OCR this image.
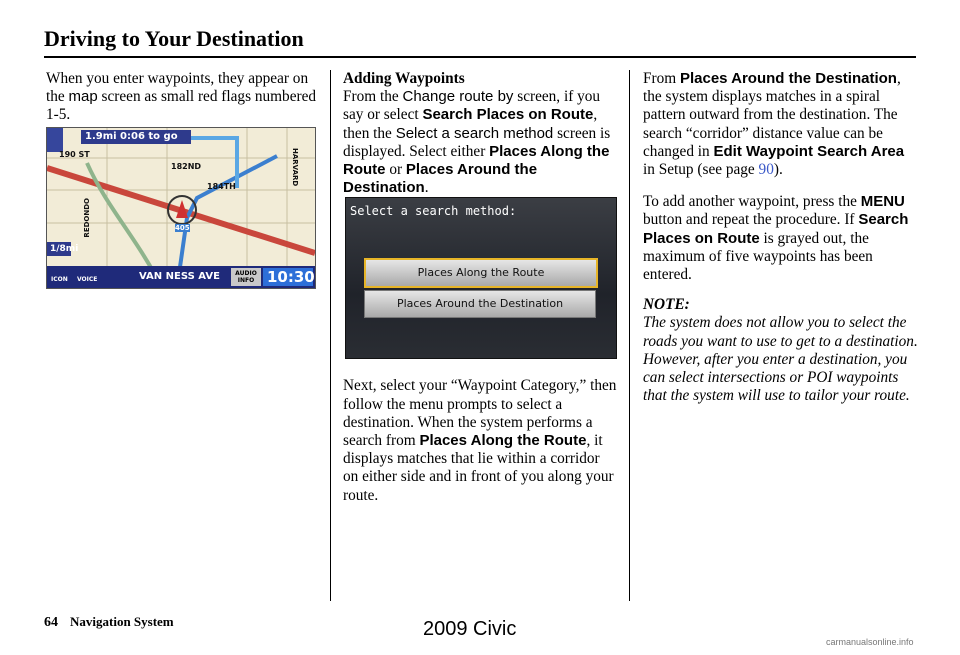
Driving to Your Destination

When you enter waypoints, they appear on the map screen as small red flags numbered 1-5.

1.9mi 0:06 to go
190 ST
182ND
184TH
HARVARD
REDONDO	405
1/8mi
ICON VOICE	VAN NESS AVE	AUDIO INFO 10:30

Adding Waypoints

From the Change route by screen, if you say or select Search Places on Route, then the Select a search method screen is displayed. Select either Places Along the Route or Places Around the Destination.

Next, select your “Waypoint Category,” then follow the menu prompts to select a destination. When the system performs a search from Places Along the Route, it displays matches that lie within a corridor on either side and in front of you along your route.

Select a search method:
Places Along the Route
Places Around the Destination

From Places Around the Destination, the system displays matches in a spiral pattern outward from the destination. The search “corridor” distance value can be changed in Edit Waypoint Search Area in Setup (see page 90).

To add another waypoint, press the MENU button and repeat the procedure. If Search Places on Route is grayed out, the maximum of five waypoints has been entered.

NOTE:

The system does not allow you to select the roads you want to use to get to a destination. However, after you enter a destination, you can select intersections or POI waypoints that the system will use to tailor your route.

64 Navigation System	2009 Civic
carmanualsonline.info
